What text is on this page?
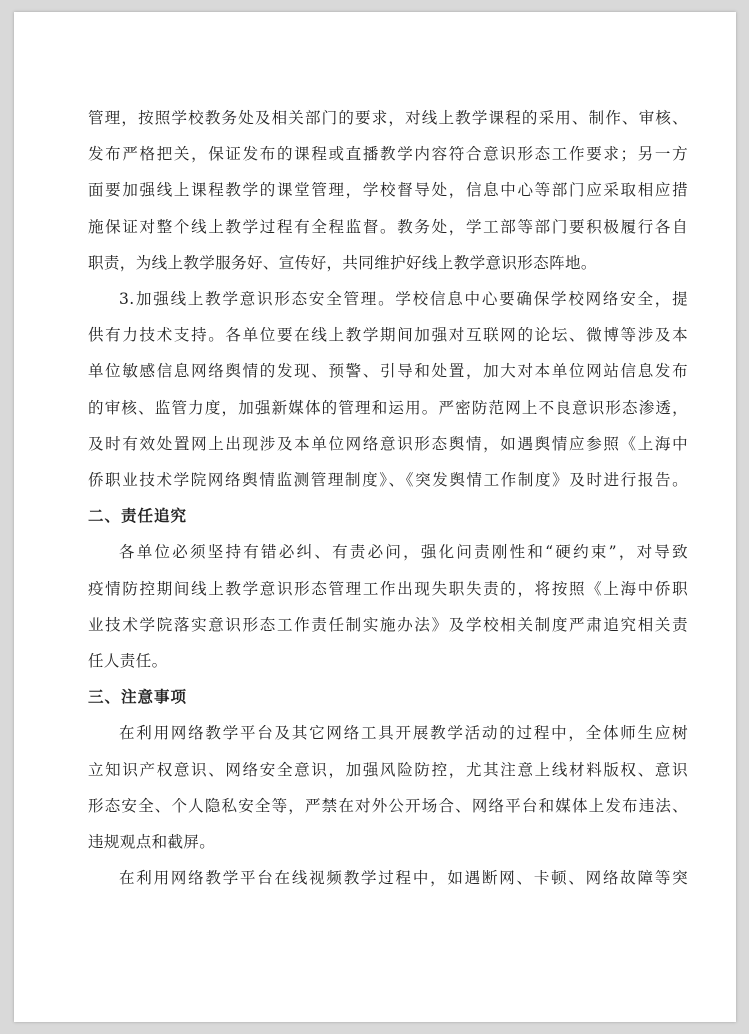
管理，按照学校教务处及相关部门的要求，对线上教学课程的采用、制作、审核、
发布严格把关，保证发布的课程或直播教学内容符合意识形态工作要求；另一方
面要加强线上课程教学的课堂管理，学校督导处，信息中心等部门应采取相应措
施保证对整个线上教学过程有全程监督。教务处，学工部等部门要积极履行各自
职责，为线上教学服务好、宣传好，共同维护好线上教学意识形态阵地。
3.加强线上教学意识形态安全管理。学校信息中心要确保学校网络安全，提
供有力技术支持。各单位要在线上教学期间加强对互联网的论坛、微博等涉及本
单位敏感信息网络舆情的发现、预警、引导和处置，加大对本单位网站信息发布
的审核、监管力度，加强新媒体的管理和运用。严密防范网上不良意识形态渗透，
及时有效处置网上出现涉及本单位网络意识形态舆情，如遇舆情应参照《上海中
侨职业技术学院网络舆情监测管理制度》、《突发舆情工作制度》及时进行报告。
二、责任追究
各单位必须坚持有错必纠、有责必问，强化问责刚性和“硬约束”，对导致
疫情防控期间线上教学意识形态管理工作出现失职失责的，将按照《上海中侨职
业技术学院落实意识形态工作责任制实施办法》及学校相关制度严肃追究相关责
任人责任。
三、注意事项
在利用网络教学平台及其它网络工具开展教学活动的过程中，全体师生应树
立知识产权意识、网络安全意识，加强风险防控，尤其注意上线材料版权、意识
形态安全、个人隐私安全等，严禁在对外公开场合、网络平台和媒体上发布违法、
违规观点和截屏。
在利用网络教学平台在线视频教学过程中，如遇断网、卡顿、网络故障等突
